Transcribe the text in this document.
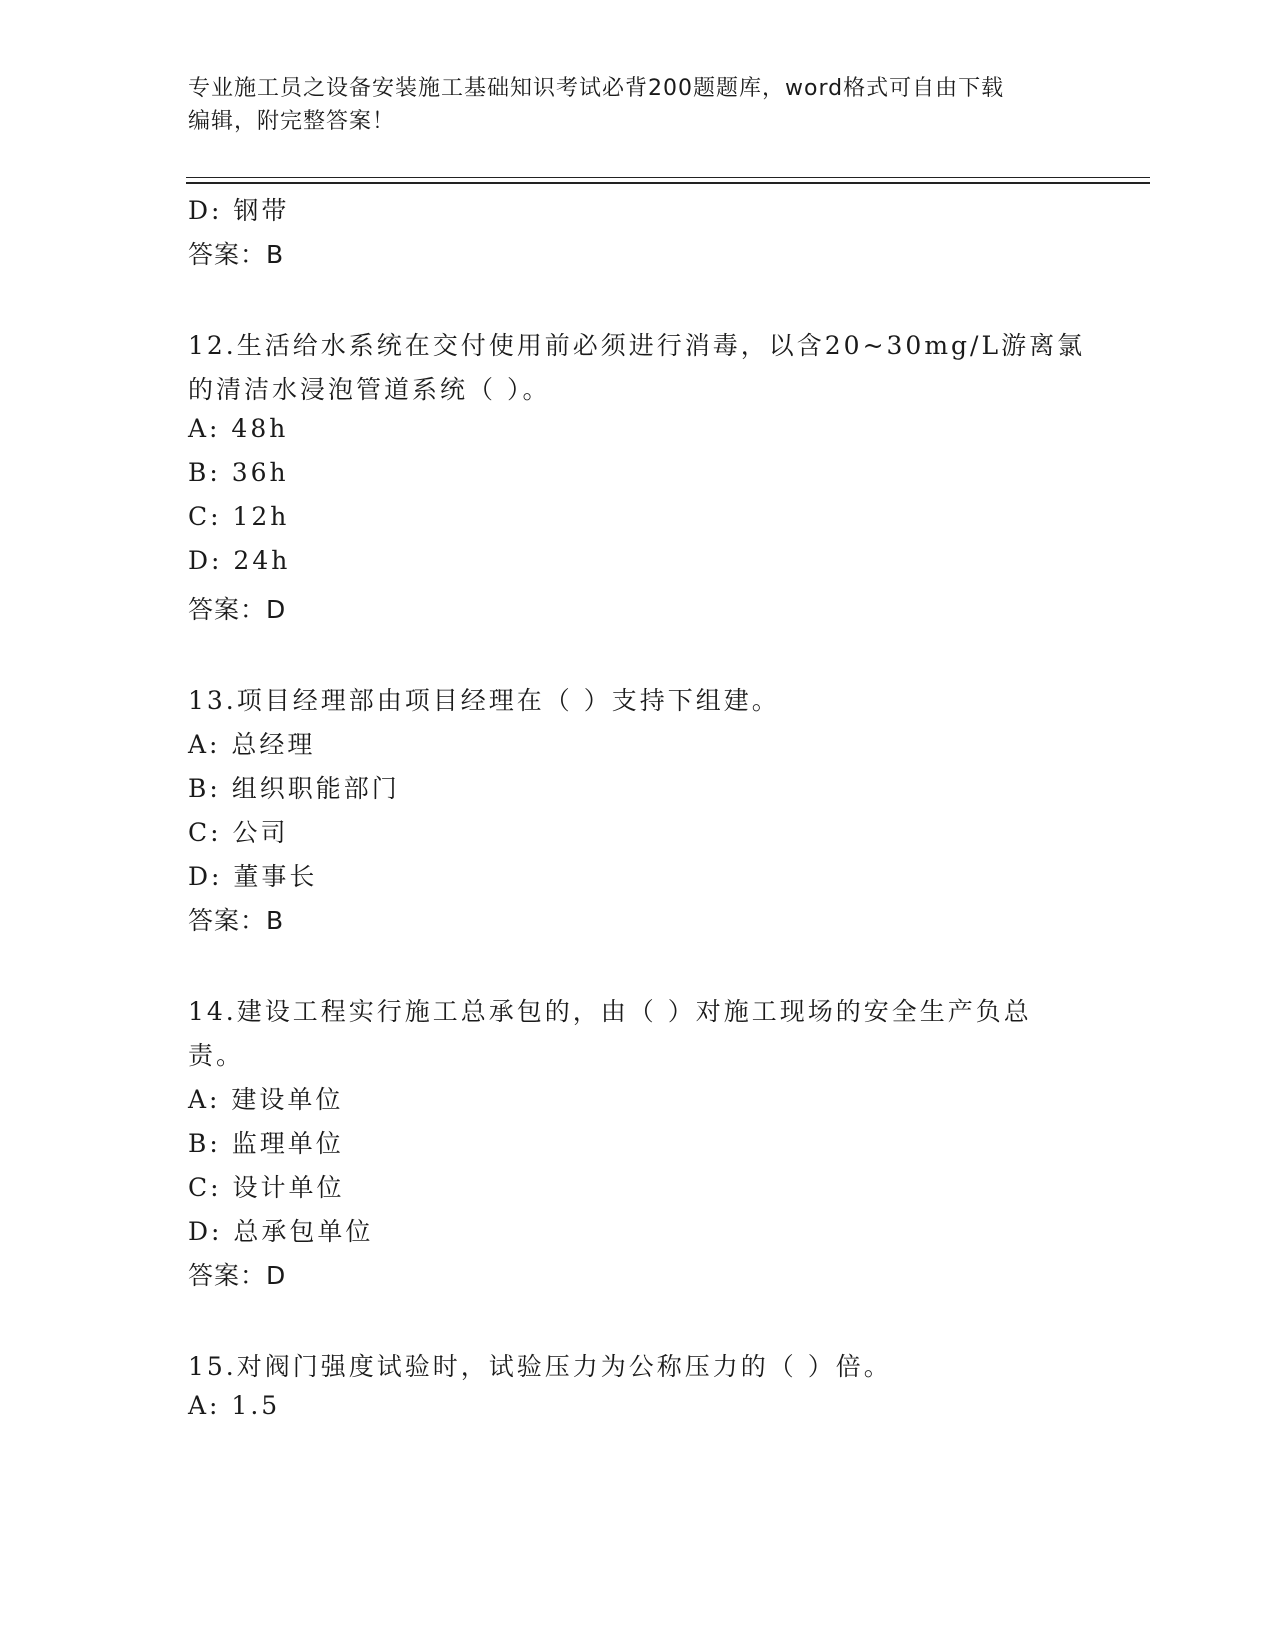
专业施工员之设备安装施工基础知识考试必背200题题库，word格式可自由下载
编辑，附完整答案！
D: 钢带
答案：B
12.生活给水系统在交付使用前必须进行消毒，以含20~30mg/L游离氯
的清洁水浸泡管道系统（ ）。
A: 48h
B: 36h
C: 12h
D: 24h
答案：D
13.项目经理部由项目经理在（ ）支持下组建。
A: 总经理
B: 组织职能部门
C: 公司
D: 董事长
答案：B
14.建设工程实行施工总承包的，由（ ）对施工现场的安全生产负总
责。
A: 建设单位
B: 监理单位
C: 设计单位
D: 总承包单位
答案：D
15.对阀门强度试验时，试验压力为公称压力的（ ）倍。
A: 1.5
